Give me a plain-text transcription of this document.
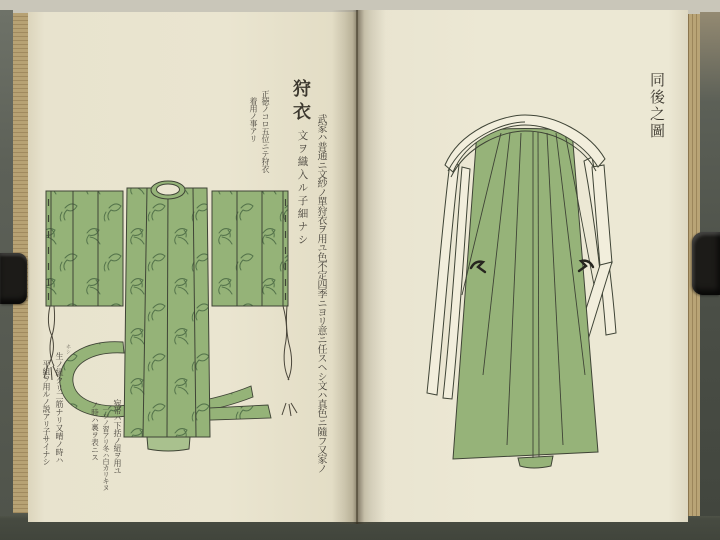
狩衣
武家ハ普通ニ文紗ノ單狩衣ヲ用ユ色不定四季ニヨリ意ニ任スヘシ文ハ真色ニ隨フ又家ノ
文ヲ織入ル子細ナシ
正徳ノコロ五位ニテ狩衣
着用ノ事アリ
ホシ
生ノ紐クリ二筋ナリ又晴ノ時ハ
平組ヲ用ルノ説アリ子サイナシ	宛帯ハ下括ノ紐ヲ用ユ
一ツノ習アリ冬ハ白カリキヌ
ノ時ハ裏ヲ表ニス
同後之圖
